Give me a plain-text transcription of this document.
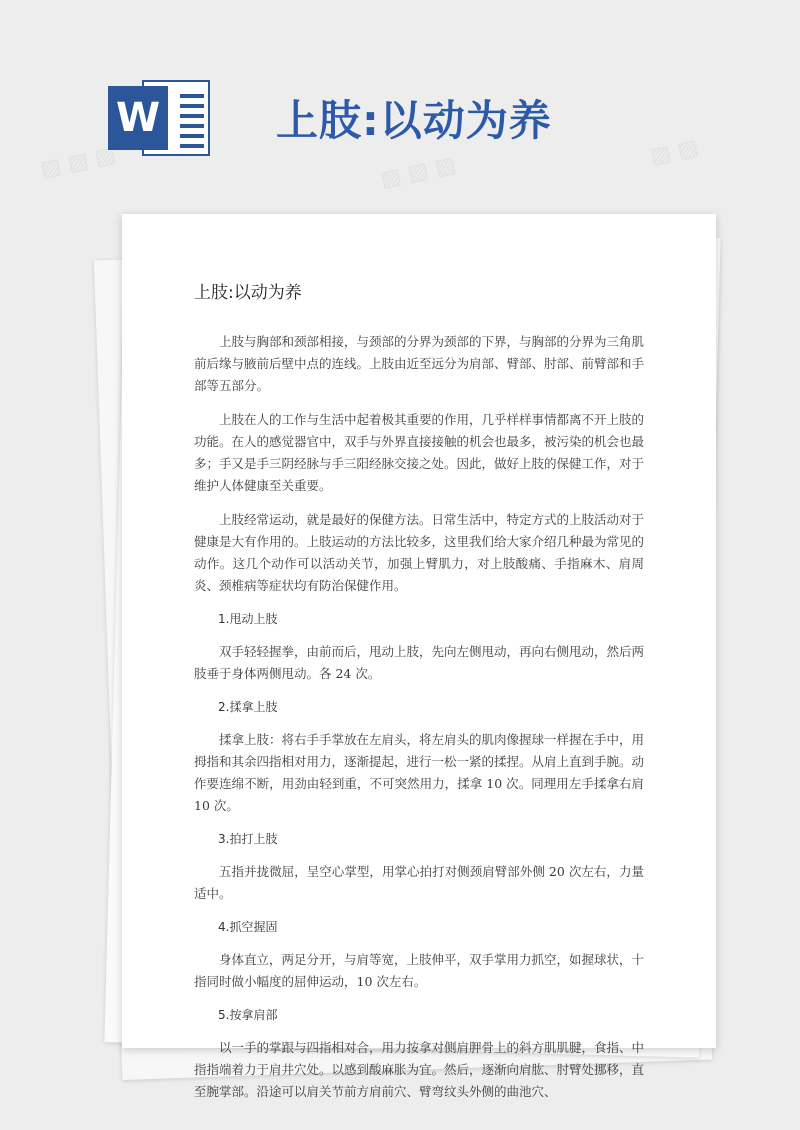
▨ ▨ ▨	▨ ▨ ▨	▨ ▨
W	上肢:以动为养
上肢:以动为养

上肢与胸部和颈部相接，与颈部的分界为颈部的下界，与胸部的分界为三角肌前后缘与腋前后壁中点的连线。上肢由近至远分为肩部、臂部、肘部、前臂部和手部等五部分。

上肢在人的工作与生活中起着极其重要的作用，几乎样样事情都离不开上肢的功能。在人的感觉器官中，双手与外界直接接触的机会也最多，被污染的机会也最多；手又是手三阴经脉与手三阳经脉交接之处。因此，做好上肢的保健工作，对于维护人体健康至关重要。

上肢经常运动，就是最好的保健方法。日常生活中，特定方式的上肢活动对于健康是大有作用的。上肢运动的方法比较多，这里我们给大家介绍几种最为常见的动作。这几个动作可以活动关节，加强上臂肌力，对上肢酸痛、手指麻木、肩周炎、颈椎病等症状均有防治保健作用。

1.甩动上肢

双手轻轻握拳，由前而后，甩动上肢，先向左侧甩动，再向右侧甩动，然后两肢垂于身体两侧甩动。各 24 次。

2.揉拿上肢

揉拿上肢：将右手手掌放在左肩头，将左肩头的肌肉像握球一样握在手中，用拇指和其余四指相对用力，逐渐提起，进行一松一紧的揉捏。从肩上直到手腕。动作要连绵不断，用劲由轻到重，不可突然用力，揉拿 10 次。同理用左手揉拿右肩 10 次。

3.拍打上肢

五指并拢微屈，呈空心掌型，用掌心拍打对侧颈肩臂部外侧 20 次左右，力量适中。

4.抓空握固

身体直立，两足分开，与肩等宽，上肢伸平，双手掌用力抓空，如握球状，十指同时做小幅度的屈伸运动，10 次左右。

5.按拿肩部

以一手的掌跟与四指相对合，用力按拿对侧肩胛骨上的斜方肌肌腱，食指、中指指端着力于肩井穴处。以感到酸麻胀为宜。然后，逐渐向肩肱、肘臂处挪移，直至腕掌部。沿途可以肩关节前方肩前穴、臂弯纹头外侧的曲池穴、
